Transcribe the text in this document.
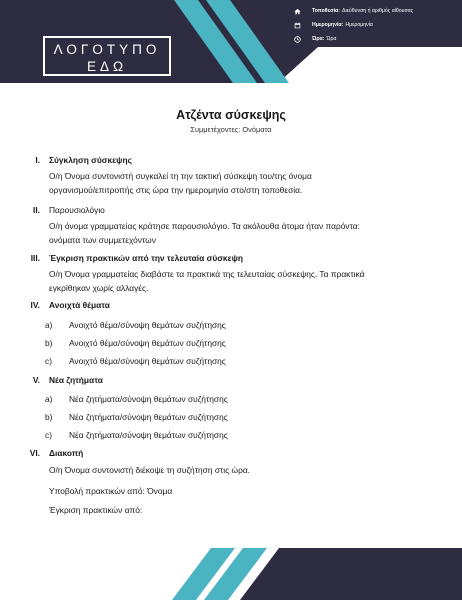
ΛΟΓΟΤΥΠΟ
ΕΔΩ
Τοποθεσία: Διεύθυνση ή αριθμός αίθουσας
Ημερομηνία: Ημερομηνία
Ώρα: Ώρα
Ατζέντα σύσκεψης
Συμμετέχοντες: Ονόματα
I. Σύγκληση σύσκεψης
Ο/η Όνομα συντονιστή συγκαλεί τη την τακτική σύσκεψη του/της όνομα
οργανισμού/επιτροπής στις ώρα την ημερομηνία στο/στη τοποθεσία.
II. Παρουσιολόγιο
Ο/η όνομα γραμματείας κράτησε παρουσιολόγιο. Τα ακόλουθα άτομα ήταν παρόντα:
ονόματα των συμμετεχόντων
III. Έγκριση πρακτικών από την τελευταία σύσκεψη
Ο/η Όνομα γραμματείας διαβάστε τα πρακτικά της τελευταίας σύσκεψης. Τα πρακτικά
εγκρίθηκαν χωρίς αλλαγές.
IV. Ανοιχτά θέματα
a) Ανοιχτό θέμα/σύνοψη θεμάτων συζήτησης
b) Ανοιχτό θέμα/σύνοψη θεμάτων συζήτησης
c) Ανοιχτό θέμα/σύνοψη θεμάτων συζήτησης
V. Νέα ζητήματα
a) Νέα ζητήματα/σύνοψη θεμάτων συζήτησης
b) Νέα ζητήματα/σύνοψη θεμάτων συζήτησης
c) Νέα ζητήματα/σύνοψη θεμάτων συζήτησης
VI. Διακοπή
Ο/η Όνομα συντονιστή διέκοψε τη συζήτηση στις ώρα.
Υποβολή πρακτικών από: Όνομα
Έγκριση πρακτικών από:
